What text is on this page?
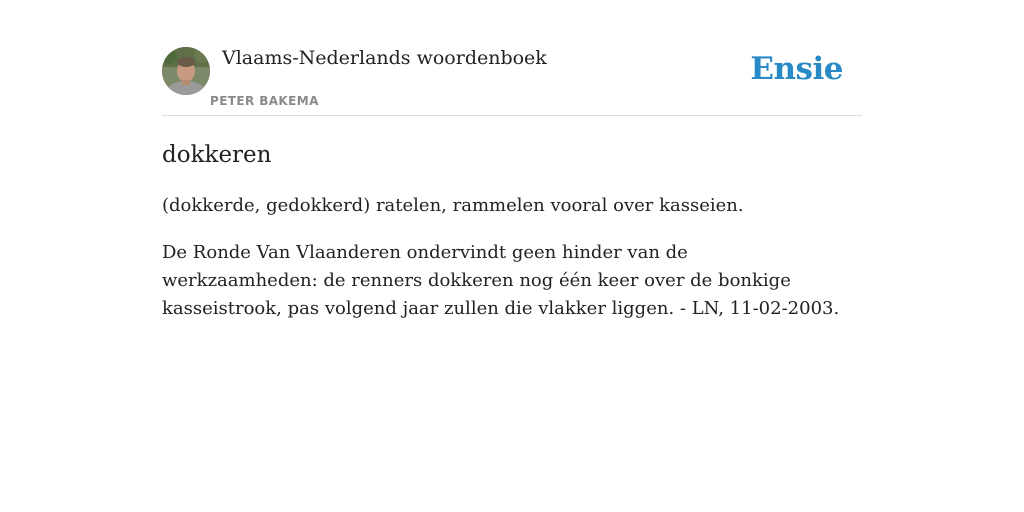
Vlaams-Nederlands woordenboek
PETER BAKEMA
Ensie
dokkeren
(dokkerde, gedokkerd) ratelen, rammelen vooral over kasseien.
De Ronde Van Vlaanderen ondervindt geen hinder van de werkzaamheden: de renners dokkeren nog één keer over de bonkige kasseistrook, pas volgend jaar zullen die vlakker liggen. - LN, 11-02-2003.
